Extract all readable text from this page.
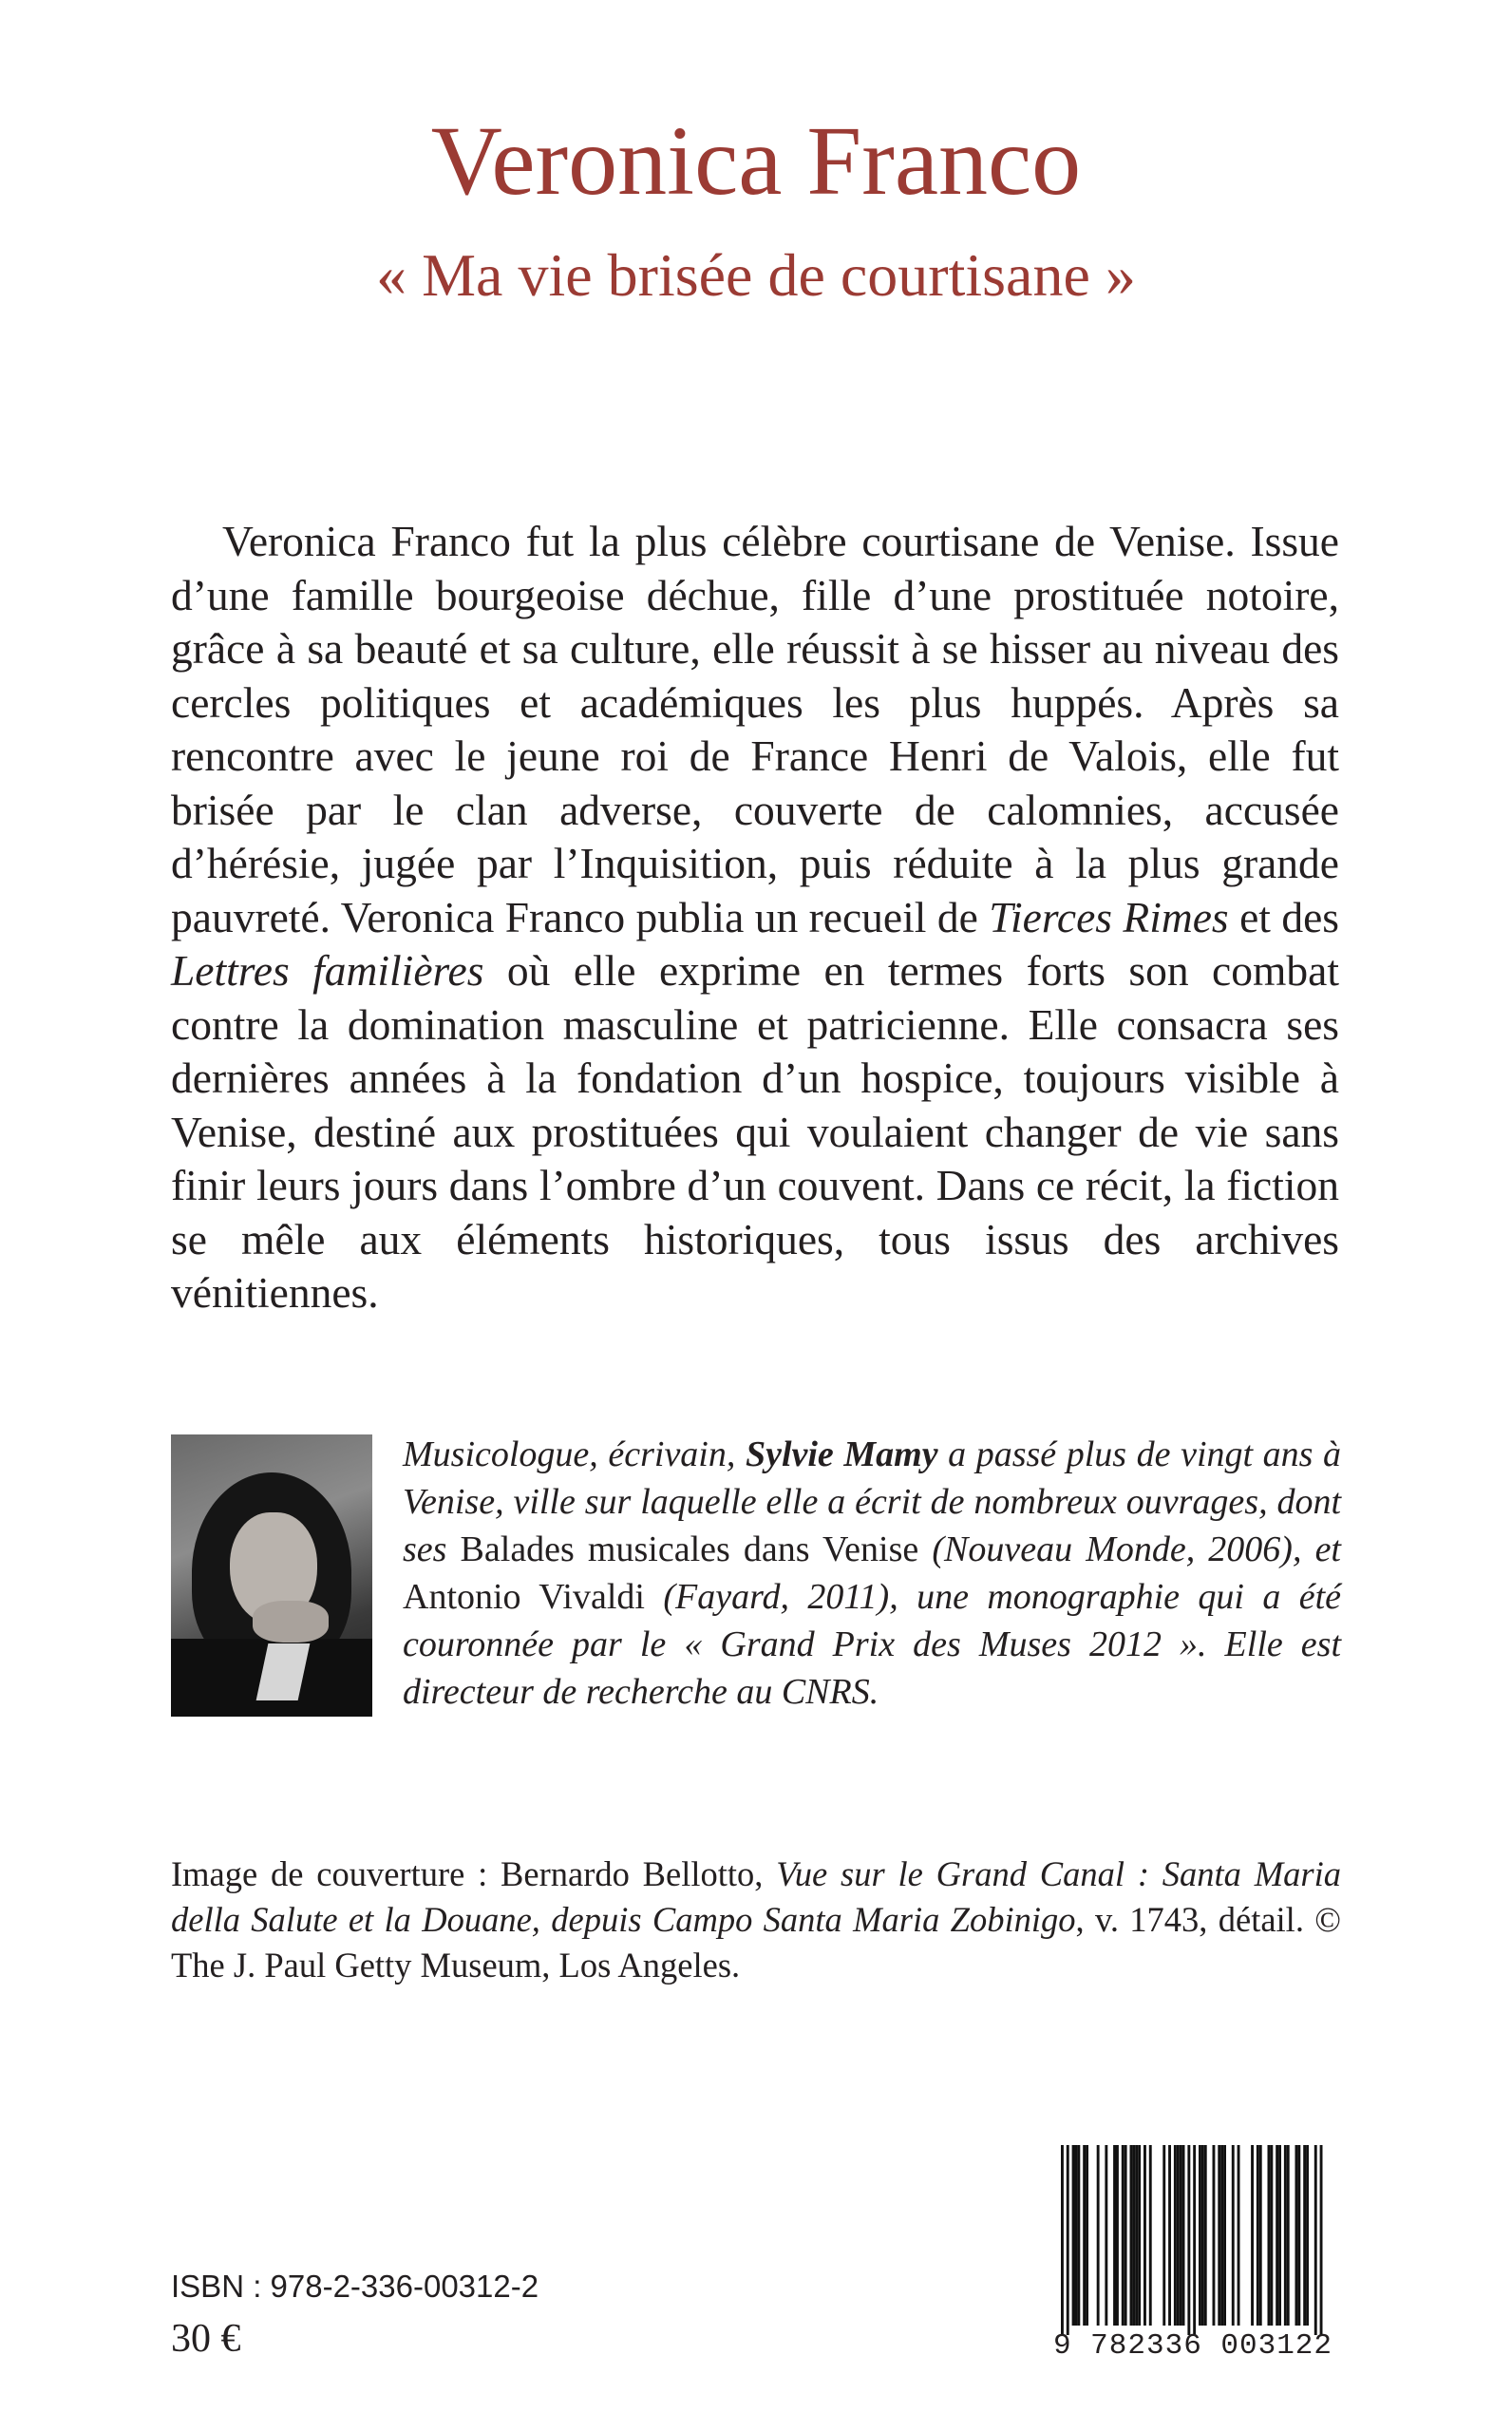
Veronica Franco
« Ma vie brisée de courtisane »

Veronica Franco fut la plus célèbre courtisane de Venise. Issue d’une famille bourgeoise déchue, fille d’une prostituée notoire, grâce à sa beauté et sa culture, elle réussit à se hisser au niveau des cercles politiques et académiques les plus huppés. Après sa rencontre avec le jeune roi de France Henri de Valois, elle fut brisée par le clan adverse, couverte de calomnies, accusée d’hérésie, jugée par l’Inquisition, puis réduite à la plus grande pauvreté. Veronica Franco publia un recueil de Tierces Rimes et des Lettres familières où elle exprime en termes forts son combat contre la domination masculine et patricienne. Elle consacra ses dernières années à la fondation d’un hospice, toujours visible à Venise, destiné aux prostituées qui voulaient changer de vie sans finir leurs jours dans l’ombre d’un couvent. Dans ce récit, la fiction se mêle aux éléments historiques, tous issus des archives vénitiennes.

Musicologue, écrivain, Sylvie Mamy a passé plus de vingt ans à Venise, ville sur laquelle elle a écrit de nombreux ouvrages, dont ses Balades musicales dans Venise (Nouveau Monde, 2006), et Antonio Vivaldi (Fayard, 2011), une monographie qui a été couronnée par le « Grand Prix des Muses 2012 ». Elle est directeur de recherche au CNRS.

Image de couverture : Bernardo Bellotto, Vue sur le Grand Canal : Santa Maria della Salute et la Douane, depuis Campo Santa Maria Zobinigo, v. 1743, détail. © The J. Paul Getty Museum, Los Angeles.

ISBN : 978-2-336-00312-2

30 €	9 782336 003122
